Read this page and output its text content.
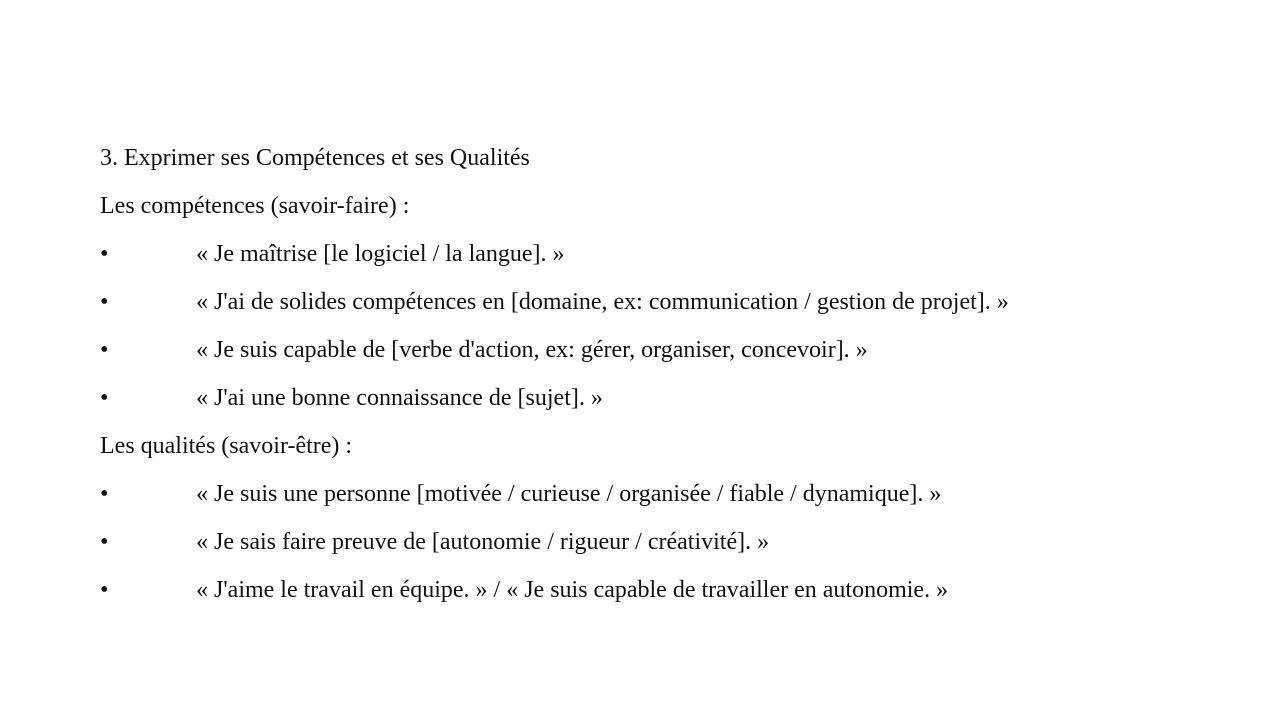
3. Exprimer ses Compétences et ses Qualités
Les compétences (savoir-faire) :
•	« Je maîtrise [le logiciel / la langue]. »
•	« J'ai de solides compétences en [domaine, ex: communication / gestion de projet]. »
•	« Je suis capable de [verbe d'action, ex: gérer, organiser, concevoir]. »
•	« J'ai une bonne connaissance de [sujet]. »
Les qualités (savoir-être) :
•	« Je suis une personne [motivée / curieuse / organisée / fiable / dynamique]. »
•	« Je sais faire preuve de [autonomie / rigueur / créativité]. »
•	« J'aime le travail en équipe. » / « Je suis capable de travailler en autonomie. »
